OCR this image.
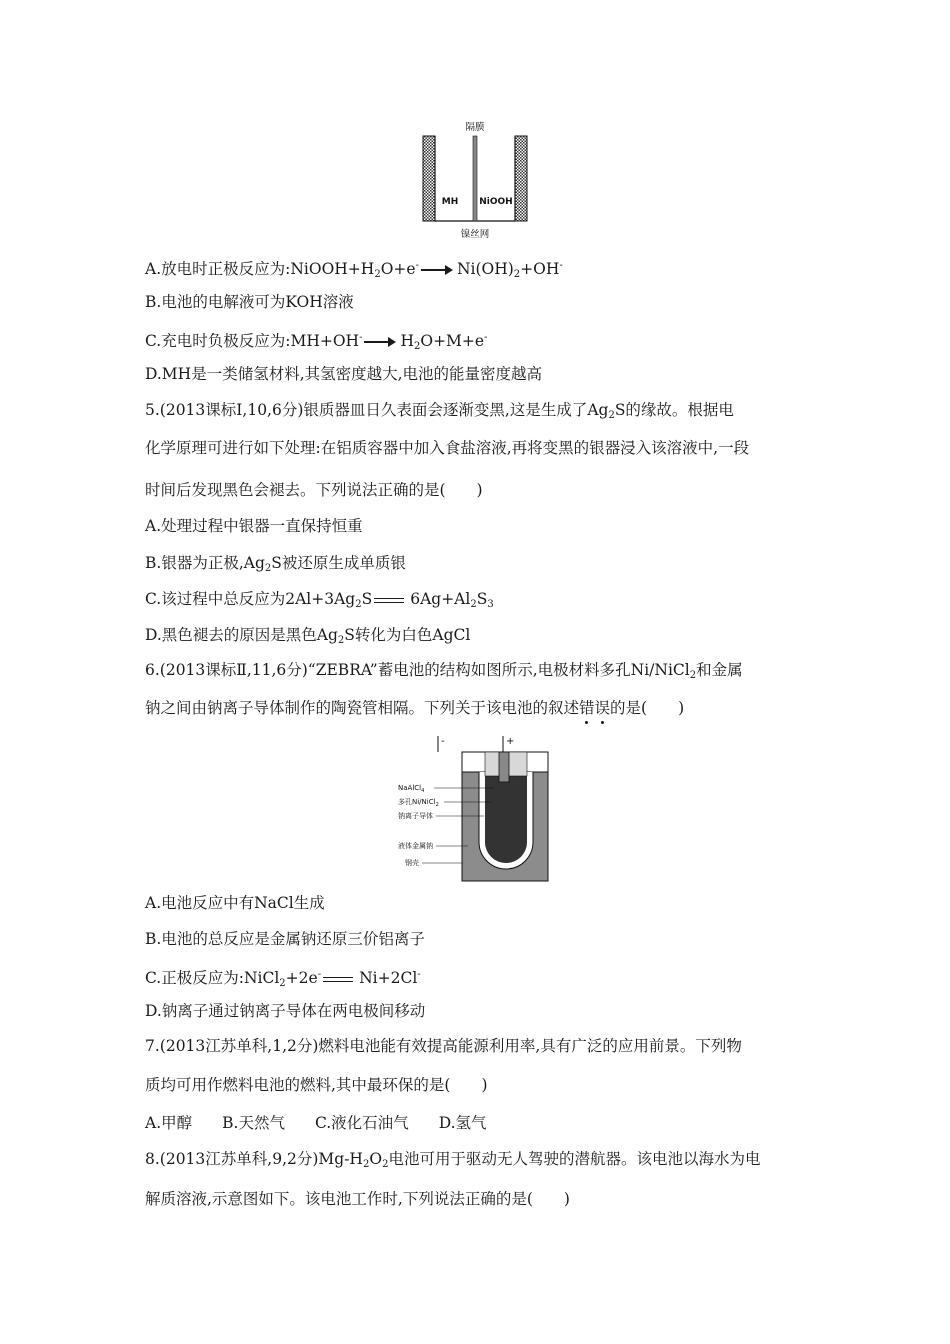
隔膜
MH NiOOH
镍丝网
A.放电时正极反应为$:NiOOH+H_2O+e^- \to Ni(OH)_2+OH^-$
B.电池的电解液可为KOH溶液
C.充电时负极反应为:MH+OH- → $H_2O+M+e^-$
D.MH是一类储氢材料,其氢密度越大,电池的能量密度越高
5.(2013课标Ⅰ,10,6分)银质器皿日久表面会逐渐变黑,这是生成了$Ag_2S$的缘故。根据电
化学原理可进行如下处理:在铝质容器中加入食盐溶液,再将变黑的银器浸入该溶液中,一段
时间后发现黑色会褪去。下列说法正确的是(　　)
A.处理过程中银器一直保持恒重
B.银器为正极$,Ag_2S$被还原生成单质银
C.该过程中总反应为$2Al+3Ag_2S$ $6Ag+Al_2S_3$
D.黑色褪去的原因是黑色$Ag_2S$转化为白色AgCl
6.(2013课标Ⅱ,11,6分)“ZEBRA”蓄电池的结构如图所示,电极材料多孔Ni/NiCl$_2$和金属
钠之间由钠离子导体制作的陶瓷管相隔。下列关于该电池的叙述错误的是(　　)
-	+
NaAlCl$_4$
多孔Ni/NiCl$_2$
钠离子导体
液体金属钠
钢壳
A.电池反应中有NaCl生成
B.电池的总反应是金属钠还原三价铝离子
C.正极反应为:NiCl$_2$+2e- Ni+2Cl-
D.钠离子通过钠离子导体在两电极间移动
7.(2013江苏单科,1,2分)燃料电池能有效提高能源利用率,具有广泛的应用前景。下列物
质均可用作燃料电池的燃料,其中最环保的是(　　)
A.甲醇 B.天然气 C.液化石油气 D.氢气
8.(2013江苏单科,9,2分)$Mg-H_2O_2$电池可用于驱动无人驾驶的潜航器。该电池以海水为电
解质溶液,示意图如下。该电池工作时,下列说法正确的是(　　)
